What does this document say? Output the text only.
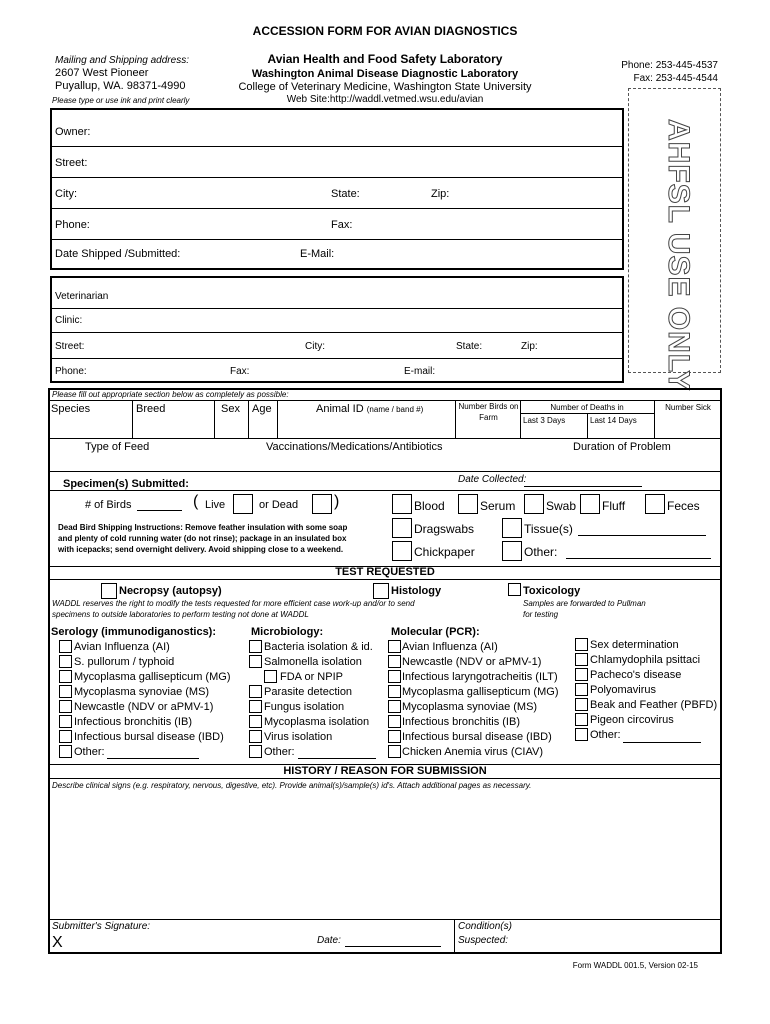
ACCESSION FORM FOR AVIAN DIAGNOSTICS
Mailing and Shipping address:
2607 West Pioneer
Puyallup, WA. 98371-4990
Please type or use ink and print clearly
Avian Health and Food Safety Laboratory
Washington Animal Disease Diagnostic Laboratory
College of Veterinary Medicine, Washington State University
Web Site:http://waddl.vetmed.wsu.edu/avian
Phone: 253-445-4537
Fax: 253-445-4544
AHFSL USE ONLY
Owner:
Street:
City:	State:	Zip:
Phone:	Fax:
Date Shipped /Submitted:	E-Mail:
Veterinarian
Clinic:
Street:	City:	State:	Zip:
Phone:	Fax:	E-mail:
Please fill out appropriate section below as completely as possible:
Species	Breed	Sex Age	Animal ID (name / band #)	Number Birds on
Farm
Number of Deaths in
Last 3 Days	Last 14 Days
Number Sick
Type of Feed	Vaccinations/Medications/Antibiotics	Duration of Problem
Specimen(s) Submitted:	Date Collected:
# of Birds	( Live	or Dead )
Dead Bird Shipping Instructions: Remove feather insulation with some soap
and plenty of cold running water (do not rinse); package in an insulated box
with icepacks; send overnight delivery. Avoid shipping close to a weekend.
Blood	Serum	Swab Fluff	Feces
Dragswabs
Chickpaper
Tissue(s)
Other:
TEST REQUESTED
Necropsy (autopsy)	Histology	Toxicology
WADDL reserves the right to modify the tests requested for more efficient case work-up and/or to send
specimens to outside laboratories to perform testing not done at WADDL
Samples are forwarded to Pullman
for testing
Serology (immunodiganostics):	Microbiology:	Molecular (PCR):
Avian Influenza (AI)
S. pullorum / typhoid
Mycoplasma gallisepticum (MG)
Mycoplasma synoviae (MS)
Newcastle (NDV or aPMV-1)
Infectious bronchitis (IB)
Infectious bursal disease (IBD)
Other:
Bacteria isolation & id.
Salmonella isolation
FDA or NPIP
Parasite detection
Fungus isolation
Mycoplasma isolation
Virus isolation
Other:
Avian Influenza (AI)
Newcastle (NDV or aPMV-1)
Infectious laryngotracheitis (ILT)
Mycoplasma gallisepticum (MG)
Mycoplasma synoviae (MS)
Infectious bronchitis (IB)
Infectious bursal disease (IBD)
Chicken Anemia virus (CIAV)
Sex determination
Chlamydophila psittaci
Pacheco's disease
Polyomavirus
Beak and Feather (PBFD)
Pigeon circovirus
Other:
HISTORY / REASON FOR SUBMISSION
Describe clinical signs (e.g. respiratory, nervous, digestive, etc). Provide animal(s)/sample(s) id's. Attach additional pages as necessary.
Submitter's Signature:
X	Date:
Condition(s)
Suspected:
Form WADDL 001.5, Version 02-15
